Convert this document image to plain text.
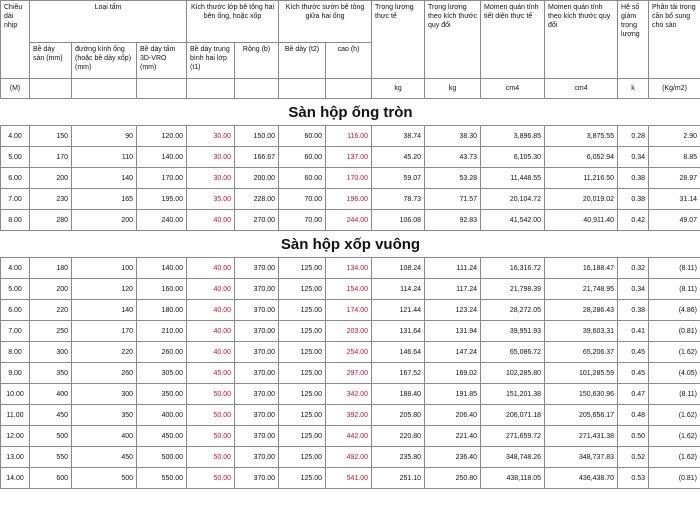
Chiều dài nhịp	Loại tấm			Kích thước lớp bê tông hai bên ống, hoặc xốp		Kích thước sườn bê tông giữa hai ống		Trọng lượng thực tế	Trọng lượng theo kích thước quy đổi	Momen quán tính tiết diện thực tế	Momen quán tính theo kích thước quy đổi	Hệ số giảm trọng lượng	Phân tải trọng cần bổ sung cho sàn
	Bề dày sàn (mm)	đường kính ống (hoặc bề dày xốp) (mm)	Bề dày tấm 3D-VRO (mm)	Bề dày trung bình hai lớp (t1)	Rộng (b)	Bề dày (t2)	cao (h)						
(M)								kg	kg	cm4	cm4	k	(Kg/m2)
Sàn hộp ống tròn													
4.00	150	90	120.00	30.00	150.00	60.00	116.00	38.74	38.30	3,896.85	3,875.55	0.28	2.90
5.00	170	110	140.00	30.00	166.67	60.00	137.00	45.20	43.73	6,105.30	6,052.94	0.34	8.85
6.00	200	140	170.00	30.00	200.00	60.00	170.00	59.07	53.28	11,448.55	11,216.50	0.38	28.97
7.00	230	165	195.00	35.00	228.00	70.00	196.00	78.73	71.57	20,104.72	20,019.02	0.38	31.14
8.00	280	200	240.00	40.00	270.00	70.00	244.00	106.08	92.83	41,542.00	40,911.40	0.42	49.07
Sàn hộp xốp vuông													
4.00	180	100	140.00	40.00	370.00	125.00	134.00	108.24	111.24	16,316.72	16,188.47	0.32	(8.11)
5.00	200	120	160.00	40.00	370.00	125.00	154.00	114.24	117.24	21,798.39	21,748.95	0.34	(8.11)
6.00	220	140	180.00	40.00	370.00	125.00	174.00	121.44	123.24	28,272.05	28,286.43	0.38	(4.86)
7.00	250	170	210.00	40.00	370.00	125.00	203.00	131.64	131.94	39,951.93	39,603.31	0.41	(0.81)
8.00	300	220	260.00	40.00	370.00	125.00	254.00	146.64	147.24	65,086.72	65,206.37	0.45	(1.62)
9.00	350	260	305.00	45.00	370.00	125.00	297.00	167.52	169.02	102,285.80	101,285.59	0.45	(4.05)
10.00	400	300	350.00	50.00	370.00	125.00	342.00	188.40	191.85	151,201.38	150,630.96	0.47	(8.11)
11.00	450	350	400.00	50.00	370.00	125.00	392.00	205.80	206.40	206,071.18	205,656.17	0.48	(1.62)
12.00	500	400	450.00	50.00	370.00	125.00	442.00	220.80	221.40	271,659.72	271,431.38	0.50	(1.62)
13.00	550	450	500.00	50.00	370.00	125.00	492.00	235.80	236.40	348,748.26	348,737.83	0.52	(1.62)
14.00	600	500	550.00	50.00	370.00	125.00	541.00	251.10	250.80	438,118.05	436,438.70	0.53	(0.81)
